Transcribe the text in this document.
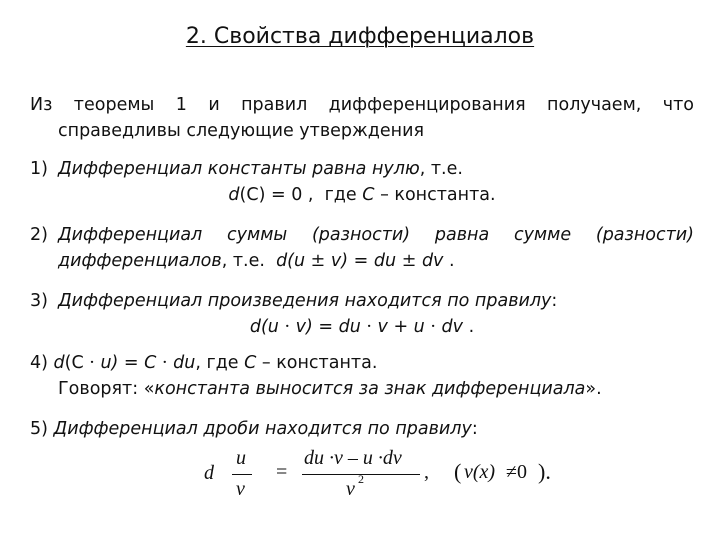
2. Свойства дифференциалов
Из теоремы 1 и правил дифференцирования получаем, что
справедливы следующие утверждения
1) Дифференциал константы равна нулю, т.е.
d(C) = 0 , где C – константа.
2) Дифференциал суммы (разности) равна сумме (разности)
дифференциалов, т.е. d(u ± v) = du ± dv .
3) Дифференциал произведения находится по правилу:
d(u · v) = du · v + u · dv .
4) d(C · u) = C · du, где C – константа.
Говорят: «константа выносится за знак дифференциала».
5) Дифференциал дроби находится по правилу:
d
u
v
=
du ·v – u ·dv
v 2	, ( v(x) ≠0 ).
